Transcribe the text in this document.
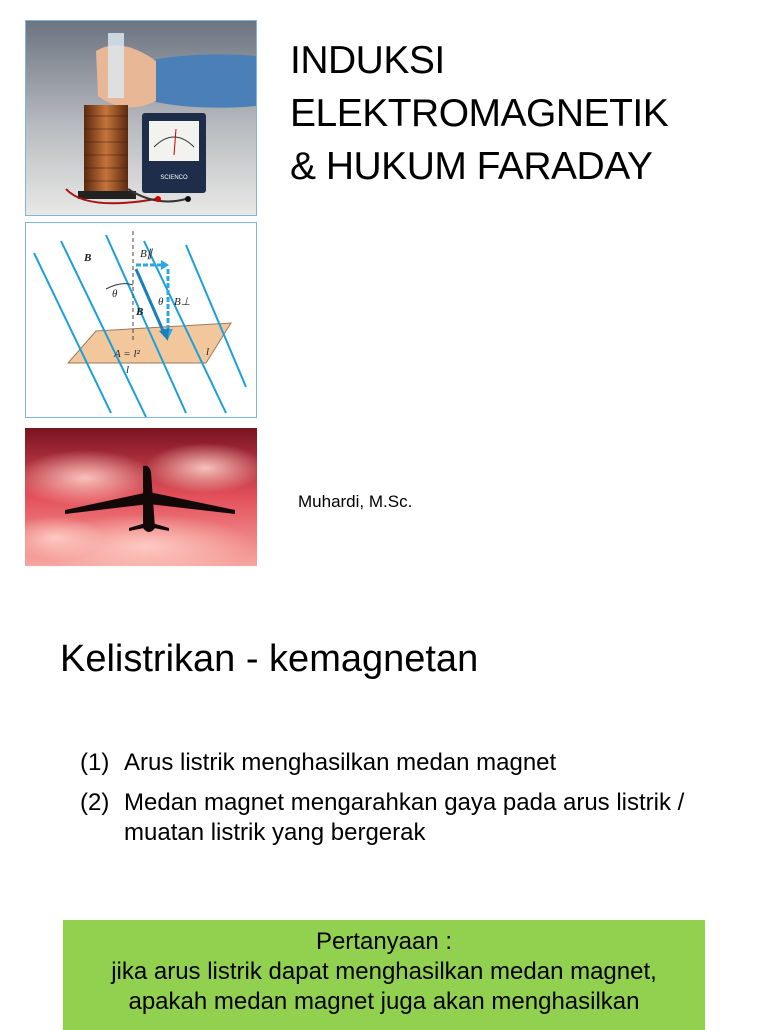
SCIENCO
B	B∥
θ
θ B⊥
B
A = l²	l
l
INDUKSI
ELEKTROMAGNETIK
& HUKUM FARADAY
Muhardi, M.Sc.
Kelistrikan - kemagnetan
(1) Arus listrik menghasilkan medan magnet
(2) Medan magnet mengarahkan gaya pada arus listrik / muatan listrik yang bergerak
Pertanyaan :
jika arus listrik dapat menghasilkan medan magnet,
apakah medan magnet juga akan menghasilkan
